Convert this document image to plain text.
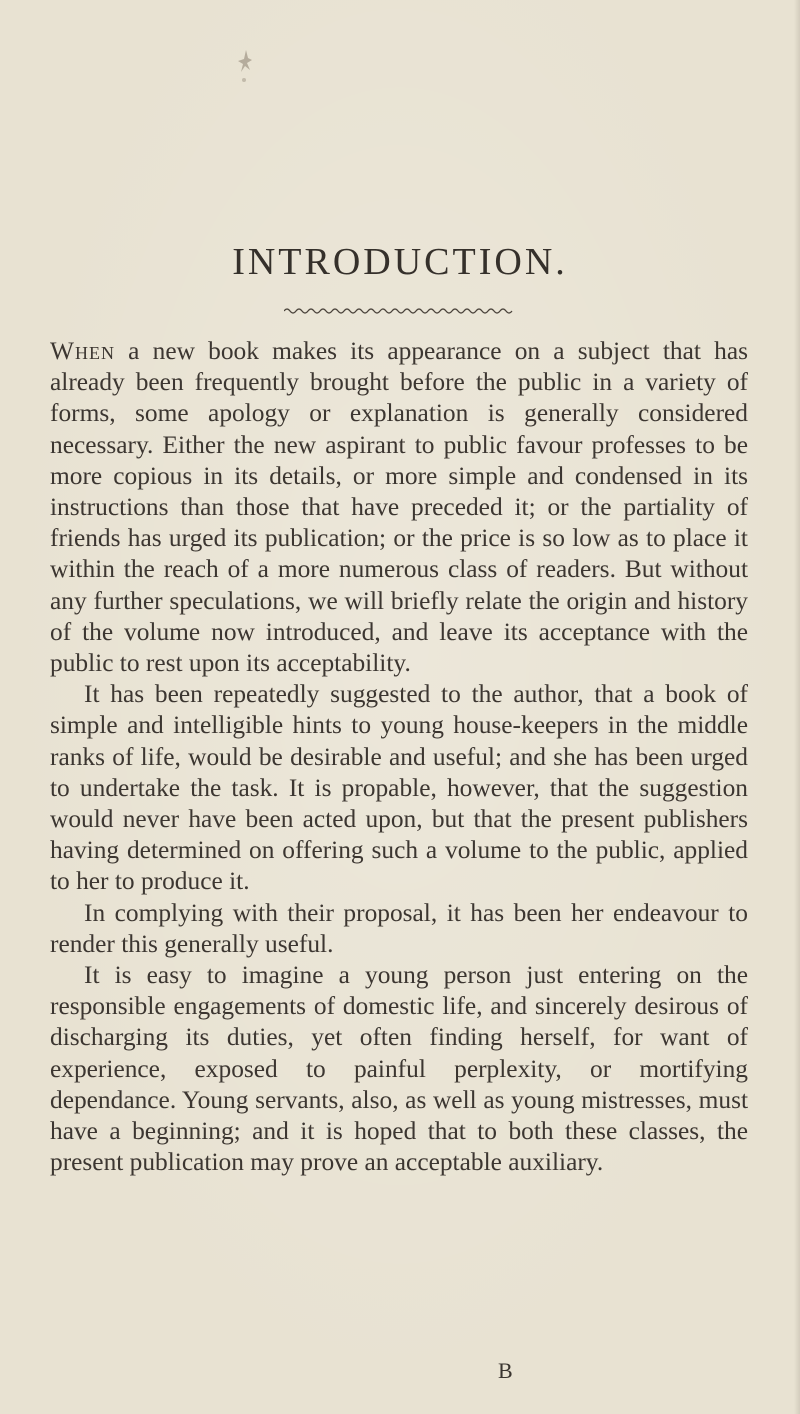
INTRODUCTION.

When a new book makes its appearance on a subject that has already been frequently brought before the public in a variety of forms, some apology or explanation is generally considered necessary. Either the new aspirant to public favour professes to be more copious in its details, or more simple and condensed in its instructions than those that have preceded it; or the partiality of friends has urged its publication; or the price is so low as to place it within the reach of a more numerous class of readers. But without any further speculations, we will briefly relate the origin and history of the volume now introduced, and leave its acceptance with the public to rest upon its acceptability.

It has been repeatedly suggested to the author, that a book of simple and intelligible hints to young house-keepers in the middle ranks of life, would be desirable and useful; and she has been urged to undertake the task. It is propable, however, that the suggestion would never have been acted upon, but that the present publishers having determined on offering such a volume to the public, applied to her to produce it.

In complying with their proposal, it has been her endeavour to render this generally useful.

It is easy to imagine a young person just entering on the responsible engagements of domestic life, and sincerely desirous of discharging its duties, yet often finding herself, for want of experience, exposed to painful perplexity, or mortifying dependance. Young servants, also, as well as young mistresses, must have a beginning; and it is hoped that to both these classes, the present publication may prove an acceptable auxiliary.

B
